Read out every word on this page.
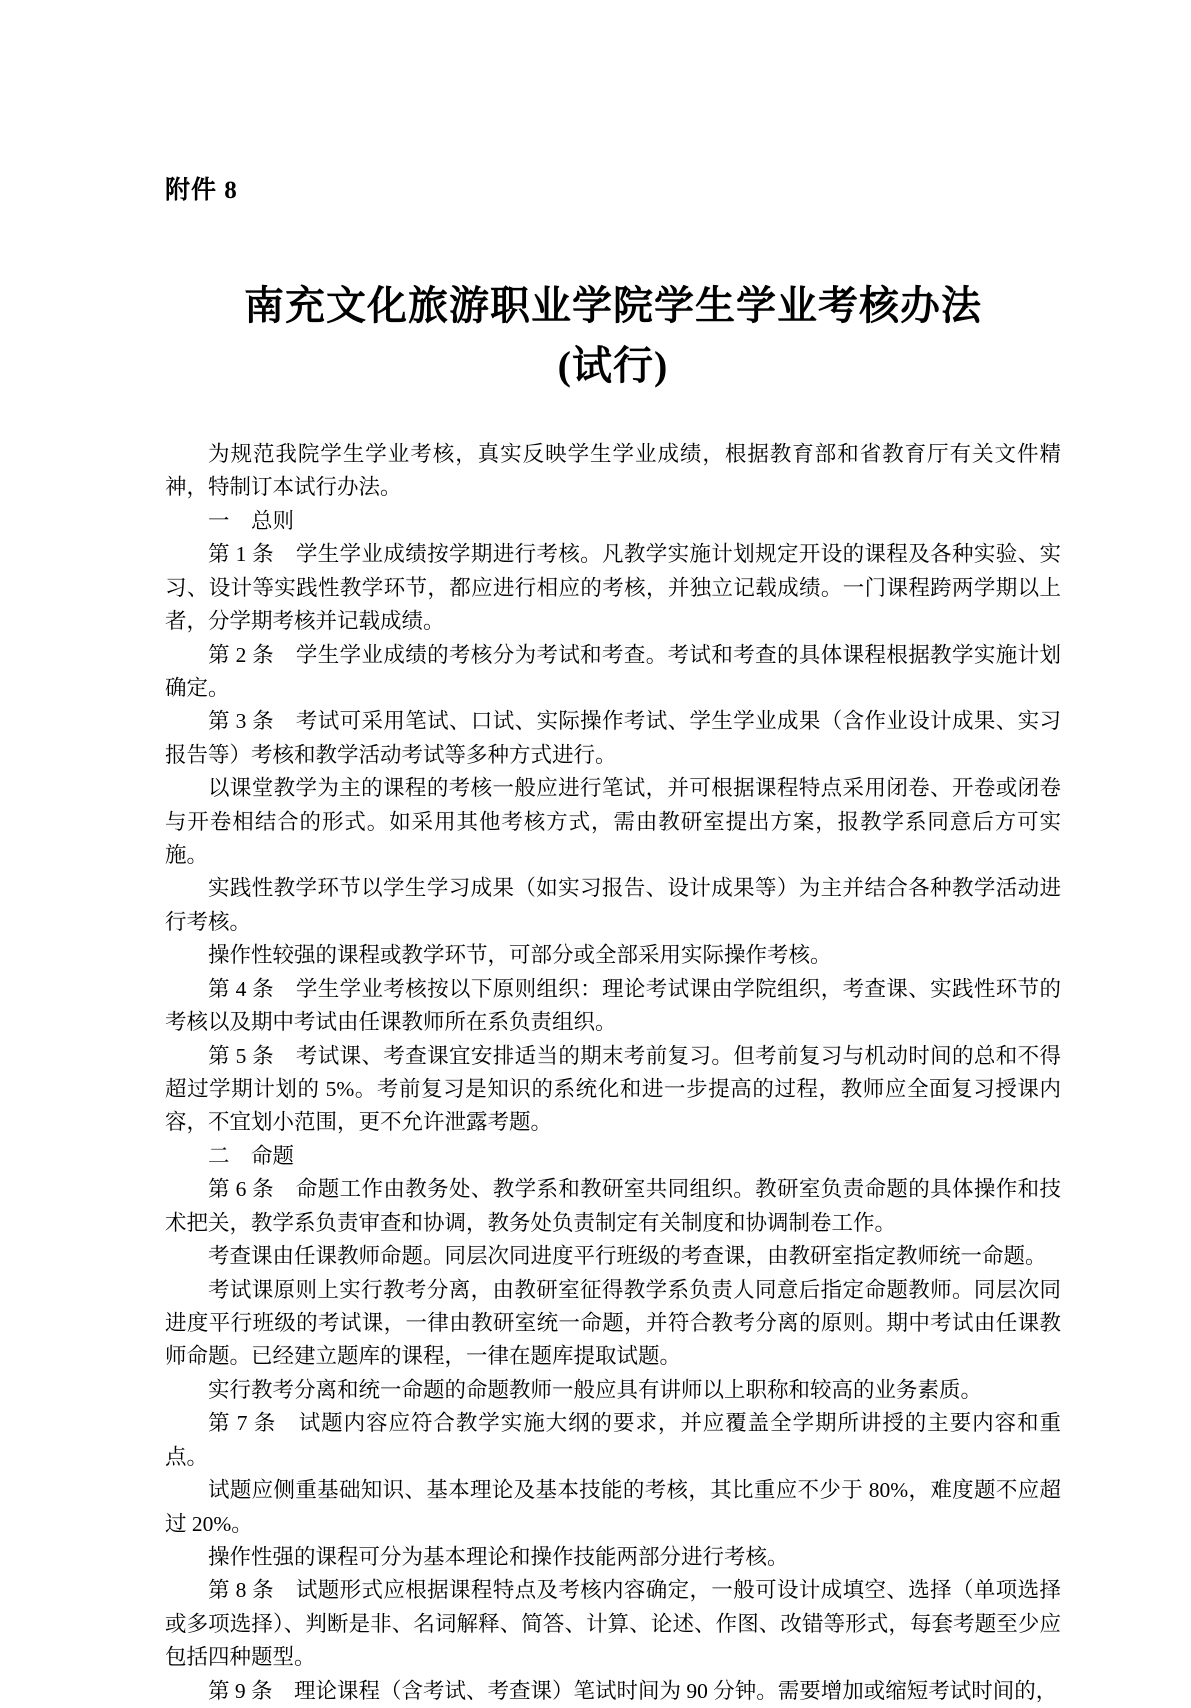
附件 8
南充文化旅游职业学院学生学业考核办法
(试行)

为规范我院学生学业考核，真实反映学生学业成绩，根据教育部和省教育厅有关文件精神，特制订本试行办法。

一　总则

第 1 条　学生学业成绩按学期进行考核。凡教学实施计划规定开设的课程及各种实验、实习、设计等实践性教学环节，都应进行相应的考核，并独立记载成绩。一门课程跨两学期以上者，分学期考核并记载成绩。

第 2 条　学生学业成绩的考核分为考试和考查。考试和考查的具体课程根据教学实施计划确定。

第 3 条　考试可采用笔试、口试、实际操作考试、学生学业成果（含作业设计成果、实习报告等）考核和教学活动考试等多种方式进行。

以课堂教学为主的课程的考核一般应进行笔试，并可根据课程特点采用闭卷、开卷或闭卷与开卷相结合的形式。如采用其他考核方式，需由教研室提出方案，报教学系同意后方可实施。

实践性教学环节以学生学习成果（如实习报告、设计成果等）为主并结合各种教学活动进行考核。

操作性较强的课程或教学环节，可部分或全部采用实际操作考核。

第 4 条　学生学业考核按以下原则组织：理论考试课由学院组织，考查课、实践性环节的考核以及期中考试由任课教师所在系负责组织。

第 5 条　考试课、考查课宜安排适当的期末考前复习。但考前复习与机动时间的总和不得超过学期计划的 5%。考前复习是知识的系统化和进一步提高的过程，教师应全面复习授课内容，不宜划小范围，更不允许泄露考题。

二　命题

第 6 条　命题工作由教务处、教学系和教研室共同组织。教研室负责命题的具体操作和技术把关，教学系负责审查和协调，教务处负责制定有关制度和协调制卷工作。

考查课由任课教师命题。同层次同进度平行班级的考查课，由教研室指定教师统一命题。

考试课原则上实行教考分离，由教研室征得教学系负责人同意后指定命题教师。同层次同进度平行班级的考试课，一律由教研室统一命题，并符合教考分离的原则。期中考试由任课教师命题。已经建立题库的课程，一律在题库提取试题。

实行教考分离和统一命题的命题教师一般应具有讲师以上职称和较高的业务素质。

第 7 条　试题内容应符合教学实施大纲的要求，并应覆盖全学期所讲授的主要内容和重点。

试题应侧重基础知识、基本理论及基本技能的考核，其比重应不少于 80%，难度题不应超过 20%。

操作性强的课程可分为基本理论和操作技能两部分进行考核。

第 8 条　试题形式应根据课程特点及考核内容确定，一般可设计成填空、选择（单项选择或多项选择）、判断是非、名词解释、简答、计算、论述、作图、改错等形式，每套考题至少应包括四种题型。

第 9 条　理论课程（含考试、考查课）笔试时间为 90 分钟。需要增加或缩短考试时间的，
